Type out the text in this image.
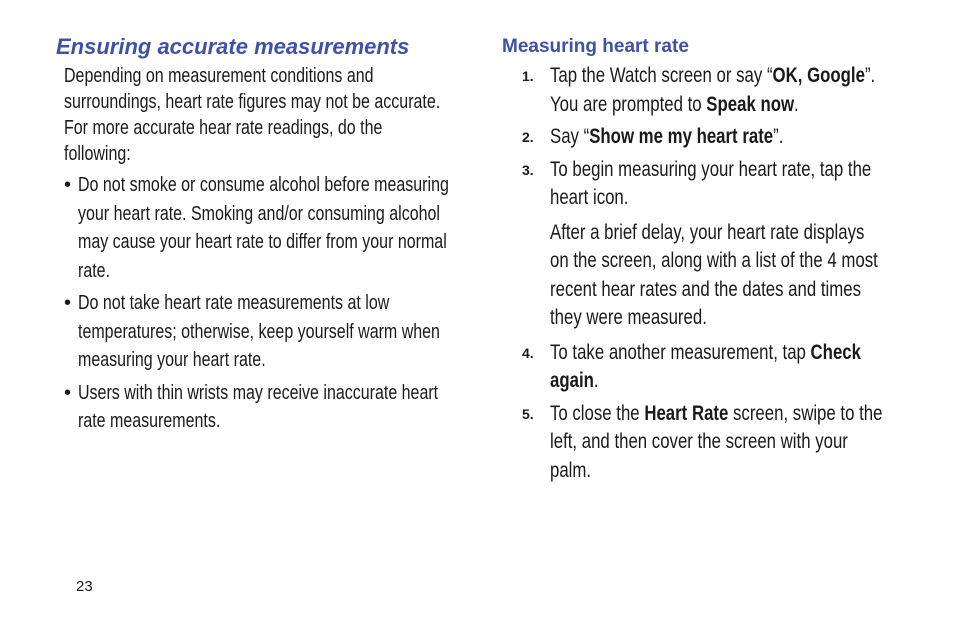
Ensuring accurate measurements
Depending on measurement conditions and
surroundings, heart rate figures may not be accurate.
For more accurate hear rate readings, do the
following:
• Do not smoke or consume alcohol before measuring
your heart rate. Smoking and/or consuming alcohol
may cause your heart rate to differ from your normal
rate.
• Do not take heart rate measurements at low
temperatures; otherwise, keep yourself warm when
measuring your heart rate.
• Users with thin wrists may receive inaccurate heart
rate measurements.
Measuring heart rate
1. Tap the Watch screen or say “OK, Google”.
You are prompted to Speak now.
2. Say “Show me my heart rate”.
3. To begin measuring your heart rate, tap the
heart icon.
After a brief delay, your heart rate displays
on the screen, along with a list of the 4 most
recent hear rates and the dates and times
they were measured.
4. To take another measurement, tap Check
again.
5. To close the Heart Rate screen, swipe to the
left, and then cover the screen with your
palm.
23
